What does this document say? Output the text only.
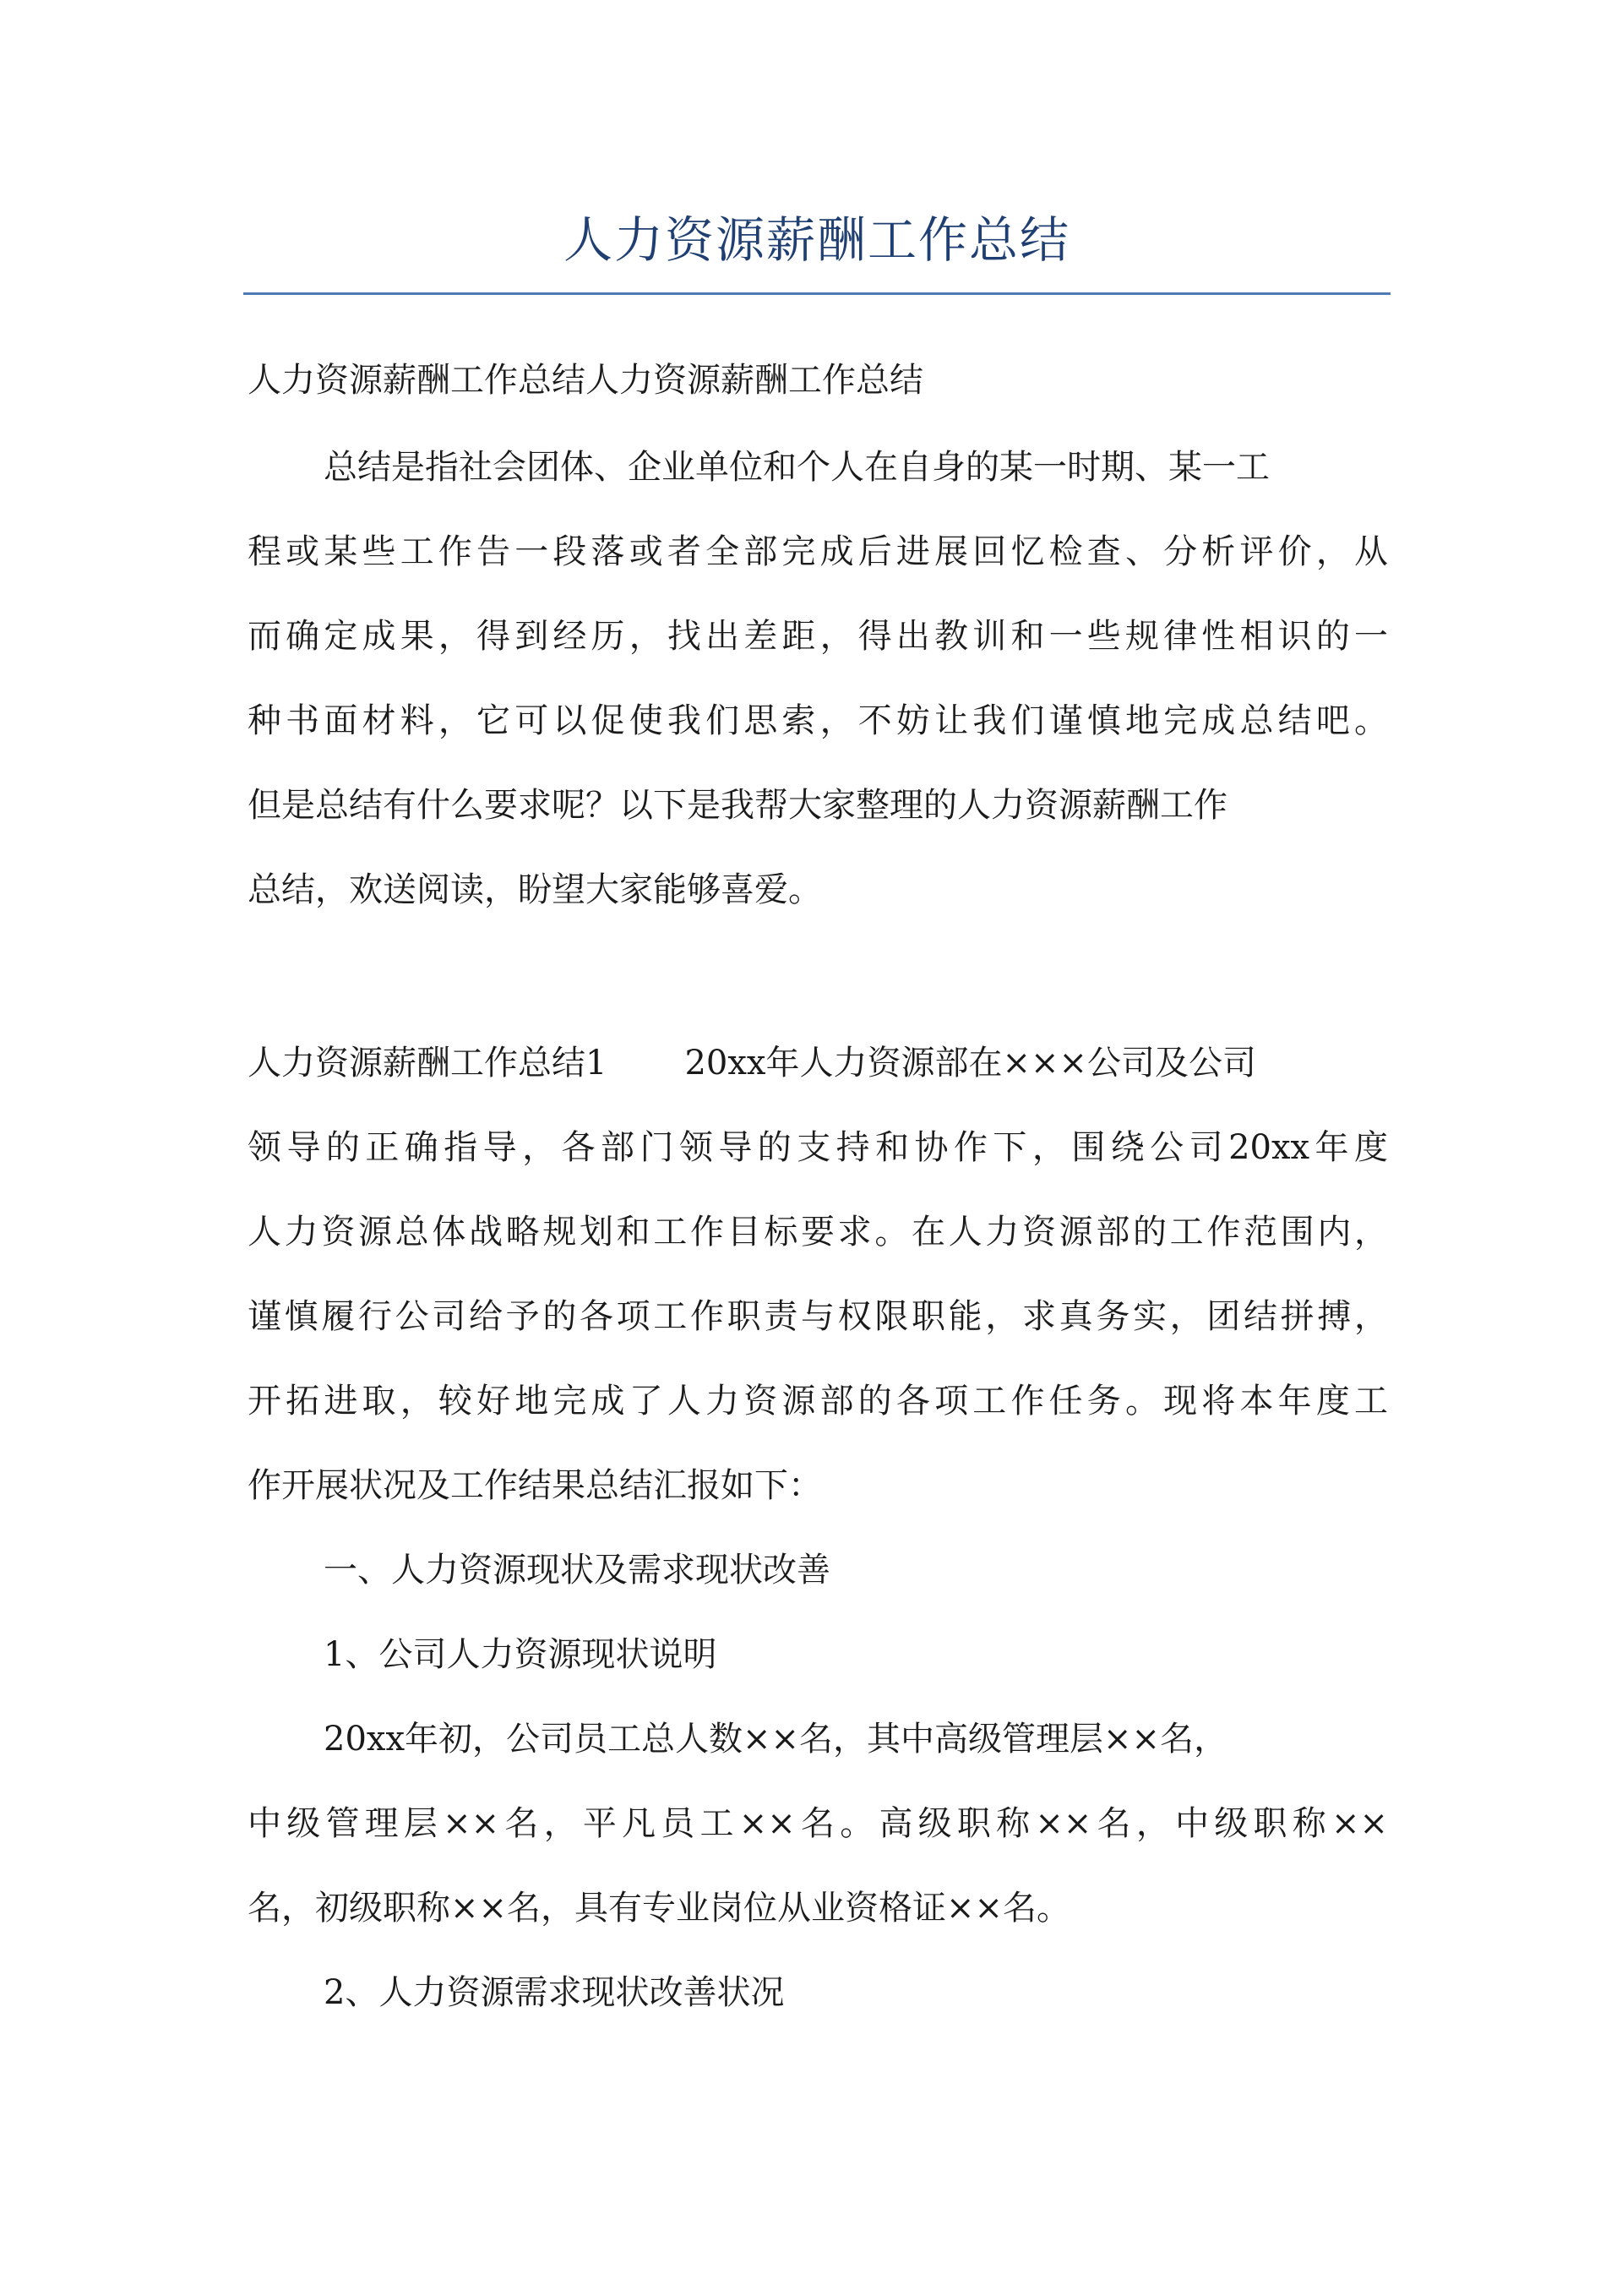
人力资源薪酬工作总结
人力资源薪酬工作总结人力资源薪酬工作总结
总结是指社会团体、企业单位和个人在自身的某一时期、某一工
程或某些工作告一段落或者全部完成后进展回忆检查、分析评价，从
而确定成果，得到经历，找出差距，得出教训和一些规律性相识的一
种书面材料，它可以促使我们思索，不妨让我们谨慎地完成总结吧。
但是总结有什么要求呢？以下是我帮大家整理的人力资源薪酬工作
总结，欢送阅读，盼望大家能够喜爱。
人力资源薪酬工作总结1 20xx年人力资源部在×××公司及公司
领导的正确指导，各部门领导的支持和协作下，围绕公司20xx年度
人力资源总体战略规划和工作目标要求。在人力资源部的工作范围内，
谨慎履行公司给予的各项工作职责与权限职能，求真务实，团结拼搏，
开拓进取，较好地完成了人力资源部的各项工作任务。现将本年度工
作开展状况及工作结果总结汇报如下：
一、人力资源现状及需求现状改善
1、公司人力资源现状说明
20xx年初，公司员工总人数××名，其中高级管理层××名，
中级管理层××名，平凡员工××名。高级职称××名，中级职称××
名，初级职称××名，具有专业岗位从业资格证××名。
2、人力资源需求现状改善状况
